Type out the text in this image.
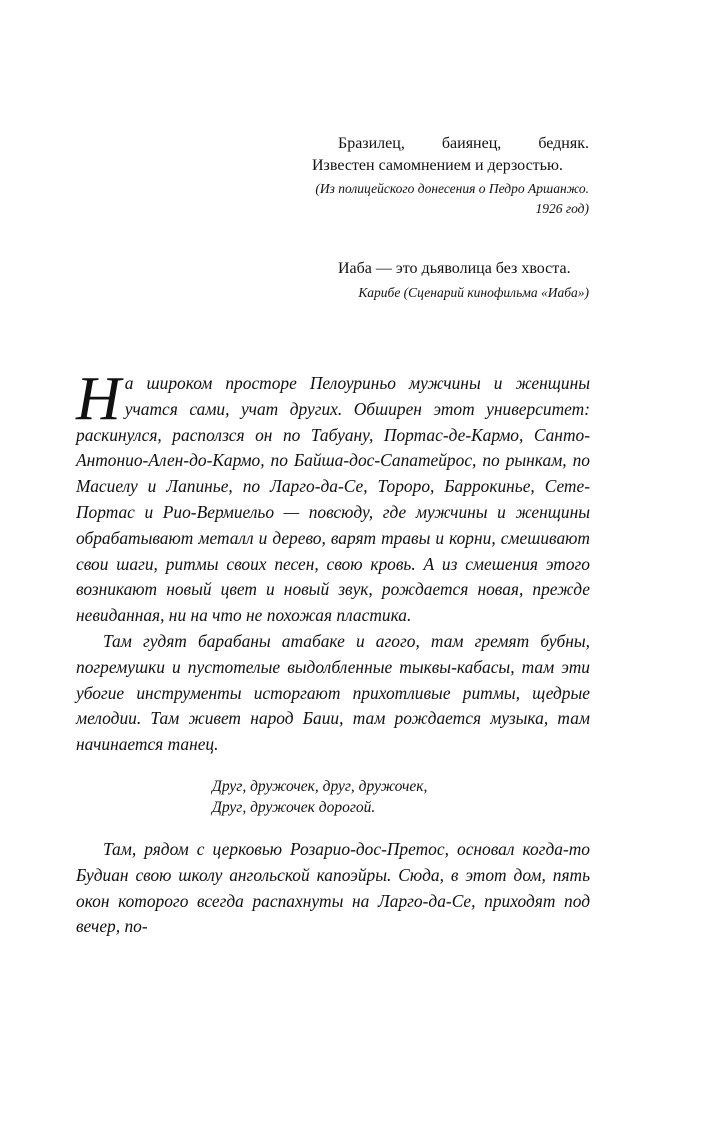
Бразилец, баиянец, бедняк. Известен самомнением и дерзостью.

(Из полицейского донесения о Педро Аршанжо. 1926 год)

Иаба — это дьяволица без хвоста.

Карибе (Сценарий кинофильма «Иаба»)

На широком просторе Пелоуриньо мужчины и женщины учатся сами, учат других. Обширен этот университет: раскинулся, расползся он по Табуану, Портас-де-Кармо, Санто-Антонио-Ален-до-Кармо, по Байша-дос-Сапатейрос, по рынкам, по Масиелу и Лапинье, по Ларго-да-Се, Тороро, Баррокинье, Сете-Портас и Рио-Вермиельо — повсюду, где мужчины и женщины обрабатывают металл и дерево, варят травы и корни, смешивают свои шаги, ритмы своих песен, свою кровь. А из смешения этого возникают новый цвет и новый звук, рождается новая, прежде невиданная, ни на что не похожая пластика.

Там гудят барабаны атабаке и агого, там гремят бубны, погремушки и пустотелые выдолбленные тыквы-кабасы, там эти убогие инструменты исторгают прихотливые ритмы, щедрые мелодии. Там живет народ Баии, там рождается музыка, там начинается танец.

Друг, дружочек, друг, дружочек,
Друг, дружочек дорогой.

Там, рядом с церковью Розарио-дос-Претос, основал когда-то Будиан свою школу ангольской капоэйры. Сюда, в этот дом, пять окон которого всегда распахнуты на Ларго-да-Се, приходят под вечер, по-
